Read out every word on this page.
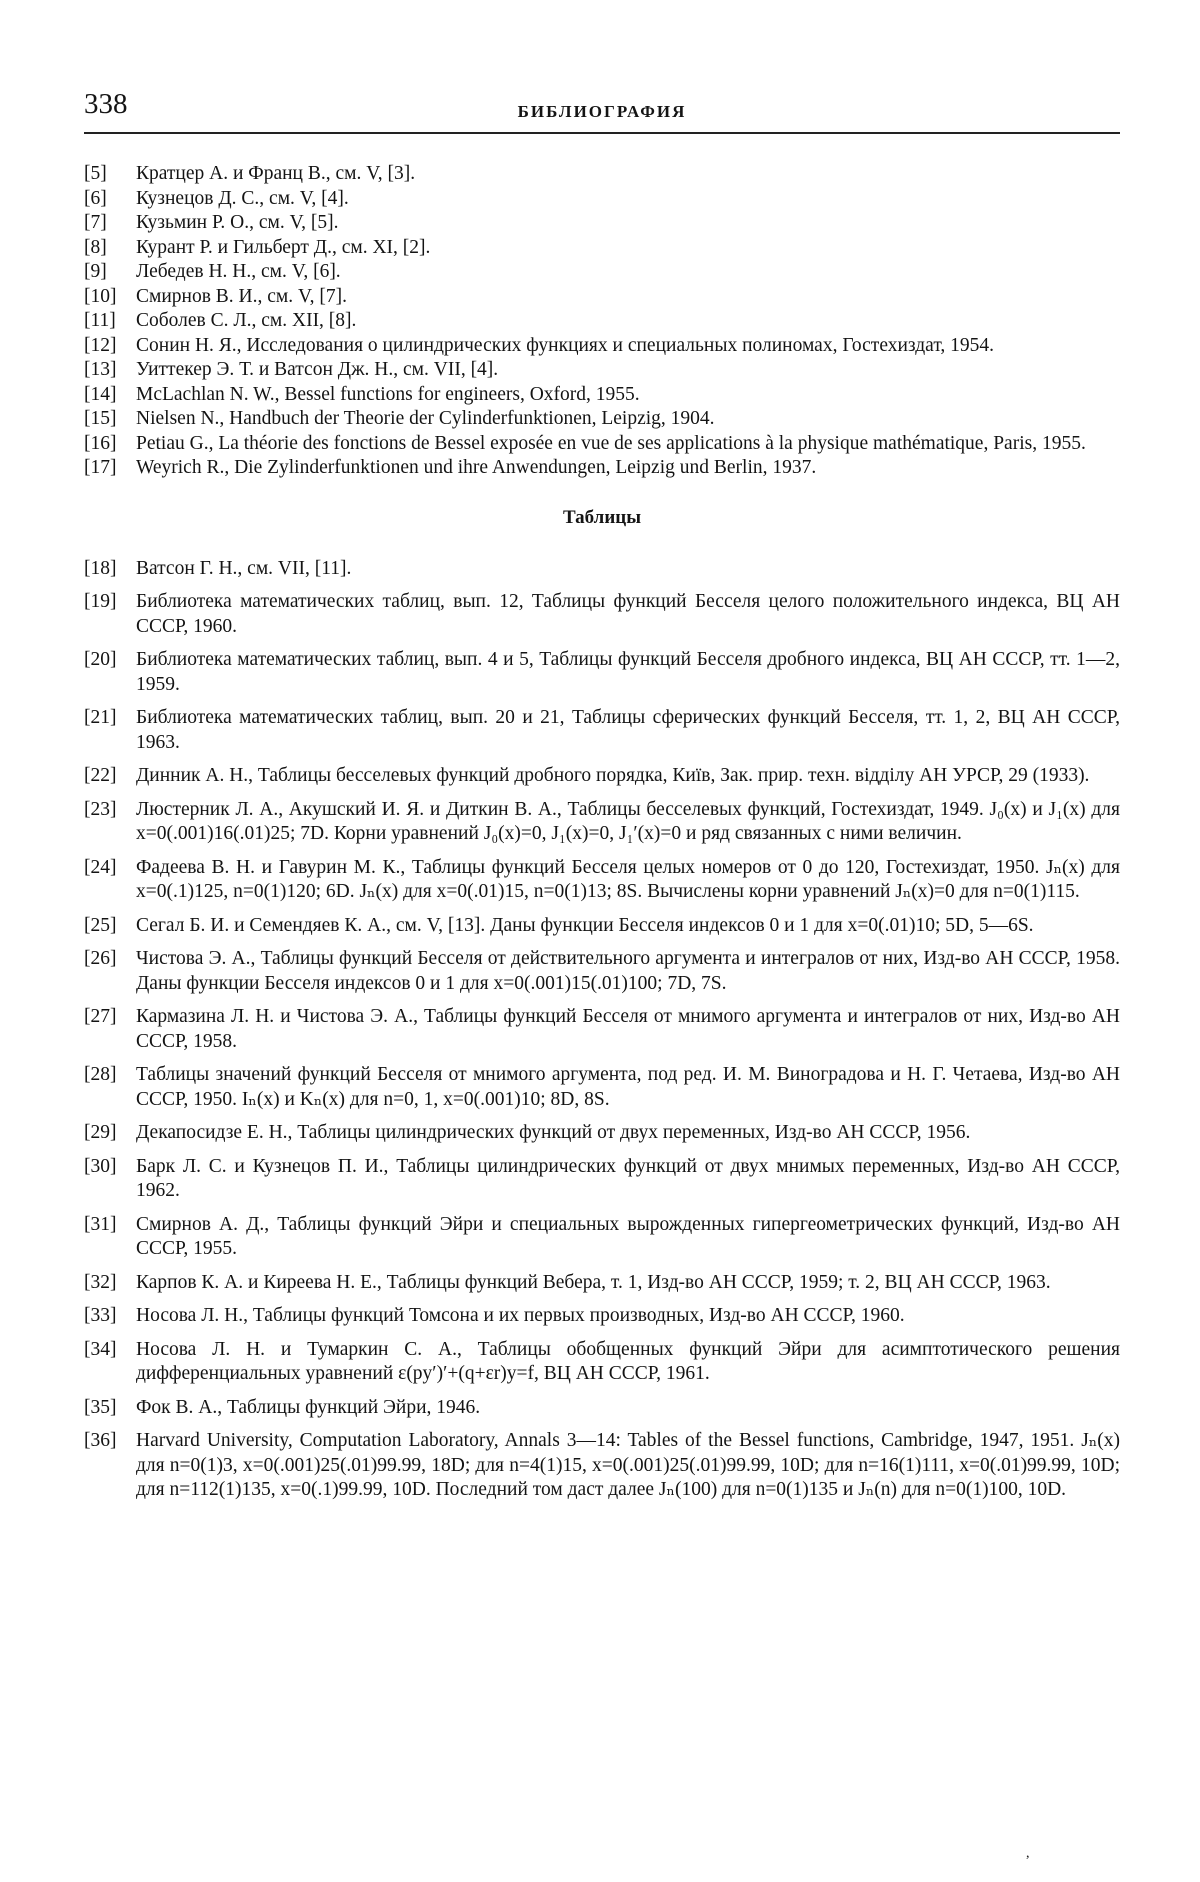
338	БИБЛИОГРАФИЯ
[5] Кратцер А. и Франц В., см. V, [3].
[6] Кузнецов Д. С., см. V, [4].
[7] Кузьмин Р. О., см. V, [5].
[8] Курант Р. и Гильберт Д., см. XI, [2].
[9] Лебедев Н. Н., см. V, [6].
[10] Смирнов В. И., см. V, [7].
[11] Соболев С. Л., см. XII, [8].
[12] Сонин Н. Я., Исследования о цилиндрических функциях и специальных полиномах, Гостехиздат, 1954.
[13] Уиттекер Э. Т. и Ватсон Дж. Н., см. VII, [4].
[14] McLachlan N. W., Bessel functions for engineers, Oxford, 1955.
[15] Nielsen N., Handbuch der Theorie der Cylinderfunktionen, Leipzig, 1904.
[16] Petiau G., La théorie des fonctions de Bessel exposée en vue de ses applications à la physique mathématique, Paris, 1955.
[17] Weyrich R., Die Zylinderfunktionen und ihre Anwendungen, Leipzig und Berlin, 1937.
Таблицы
[18] Ватсон Г. Н., см. VII, [11].
[19] Библиотека математических таблиц, вып. 12, Таблицы функций Бесселя целого положительного индекса, ВЦ АН СССР, 1960.
[20] Библиотека математических таблиц, вып. 4 и 5, Таблицы функций Бесселя дробного индекса, ВЦ АН СССР, тт. 1—2, 1959.
[21] Библиотека математических таблиц, вып. 20 и 21, Таблицы сферических функций Бесселя, тт. 1, 2, ВЦ АН СССР, 1963.
[22] Динник А. Н., Таблицы бесселевых функций дробного порядка, Київ, Зак. прир. техн. відділу АН УРСР, 29 (1933).
[23] Люстерник Л. А., Акушский И. Я. и Диткин В. А., Таблицы бесселевых функций, Гостехиздат, 1949. J₀(x) и J₁(x) для x=0(.001)16(.01)25; 7D. Корни уравнений J₀(x)=0, J₁(x)=0, J₁′(x)=0 и ряд связанных с ними величин.
[24] Фадеева В. Н. и Гавурин М. К., Таблицы функций Бесселя целых номеров от 0 до 120, Гостехиздат, 1950. Jₙ(x) для x=0(.1)125, n=0(1)120; 6D. Jₙ(x) для x=0(.01)15, n=0(1)13; 8S. Вычислены корни уравнений Jₙ(x)=0 для n=0(1)115.
[25] Сегал Б. И. и Семендяев К. А., см. V, [13]. Даны функции Бесселя индексов 0 и 1 для x=0(.01)10; 5D, 5—6S.
[26] Чистова Э. А., Таблицы функций Бесселя от действительного аргумента и интегралов от них, Изд-во АН СССР, 1958. Даны функции Бесселя индексов 0 и 1 для x=0(.001)15(.01)100; 7D, 7S.
[27] Кармазина Л. Н. и Чистова Э. А., Таблицы функций Бесселя от мнимого аргумента и интегралов от них, Изд-во АН СССР, 1958.
[28] Таблицы значений функций Бесселя от мнимого аргумента, под ред. И. М. Виноградова и Н. Г. Четаева, Изд-во АН СССР, 1950. Iₙ(x) и Kₙ(x) для n=0, 1, x=0(.001)10; 8D, 8S.
[29] Декапосидзе Е. Н., Таблицы цилиндрических функций от двух переменных, Изд-во АН СССР, 1956.
[30] Барк Л. С. и Кузнецов П. И., Таблицы цилиндрических функций от двух мнимых переменных, Изд-во АН СССР, 1962.
[31] Смирнов А. Д., Таблицы функций Эйри и специальных вырожденных гипергеометрических функций, Изд-во АН СССР, 1955.
[32] Карпов К. А. и Киреева Н. Е., Таблицы функций Вебера, т. 1, Изд-во АН СССР, 1959; т. 2, ВЦ АН СССР, 1963.
[33] Носова Л. Н., Таблицы функций Томсона и их первых производных, Изд-во АН СССР, 1960.
[34] Носова Л. Н. и Тумаркин С. А., Таблицы обобщенных функций Эйри для асимптотического решения дифференциальных уравнений ε(py′)′+(q+εr)y=f, ВЦ АН СССР, 1961.
[35] Фок В. А., Таблицы функций Эйри, 1946.
[36] Harvard University, Computation Laboratory, Annals 3—14: Tables of the Bessel functions, Cambridge, 1947, 1951. Jₙ(x) для n=0(1)3, x=0(.001)25(.01)99.99, 18D; для n=4(1)15, x=0(.001)25(.01)99.99, 10D; для n=16(1)111, x=0(.01)99.99, 10D; для n=112(1)135, x=0(.1)99.99, 10D. Последний том даст далее Jₙ(100) для n=0(1)135 и Jₙ(n) для n=0(1)100, 10D.
,
